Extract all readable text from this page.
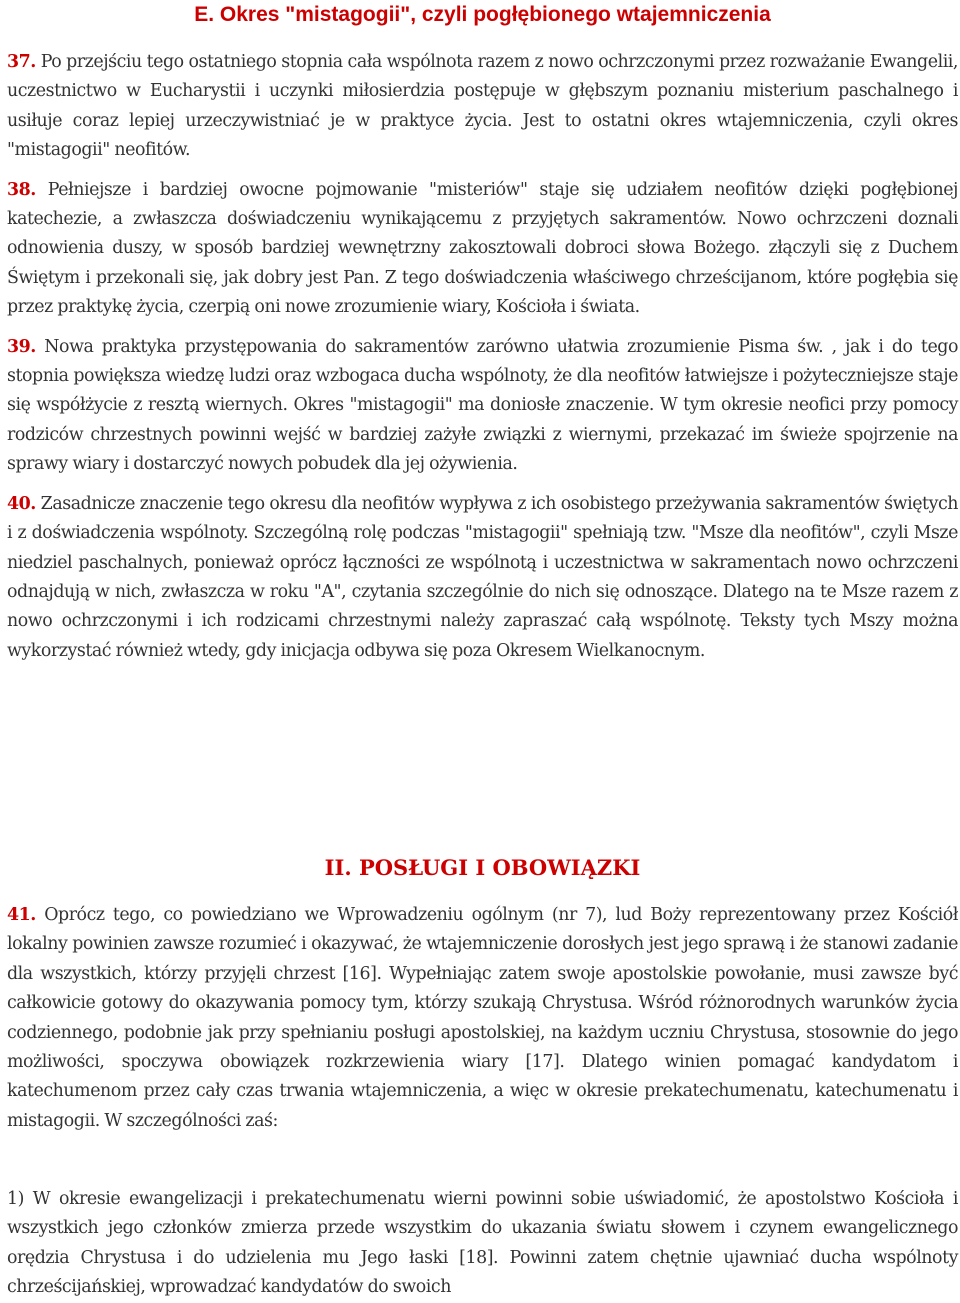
E. Okres "mistagogii", czyli pogłębionego wtajemniczenia

37. Po przejściu tego ostatniego stopnia cała wspólnota razem z nowo ochrzczonymi przez rozważanie Ewangelii, uczestnictwo w Eucharystii i uczynki miłosierdzia postępuje w głębszym poznaniu misterium paschalnego i usiłuje coraz lepiej urzeczywistniać je w praktyce życia. Jest to ostatni okres wtajemniczenia, czyli okres "mistagogii" neofitów.

38. Pełniejsze i bardziej owocne pojmowanie "misteriów" staje się udziałem neofitów dzięki pogłębionej katechezie, a zwłaszcza doświadczeniu wynikającemu z przyjętych sakramentów. Nowo ochrzczeni doznali odnowienia duszy, w sposób bardziej wewnętrzny zakosztowali dobroci słowa Bożego. złączyli się z Duchem Świętym i przekonali się, jak dobry jest Pan. Z tego doświadczenia właściwego chrześcijanom, które pogłębia się przez praktykę życia, czerpią oni nowe zrozumienie wiary, Kościoła i świata.

39. Nowa praktyka przystępowania do sakramentów zarówno ułatwia zrozumienie Pisma św. , jak i do tego stopnia powiększa wiedzę ludzi oraz wzbogaca ducha wspólnoty, że dla neofitów łatwiejsze i pożyteczniejsze staje się współżycie z resztą wiernych. Okres "mistagogii" ma doniosłe znaczenie. W tym okresie neofici przy pomocy rodziców chrzestnych powinni wejść w bardziej zażyłe związki z wiernymi, przekazać im świeże spojrzenie na sprawy wiary i dostarczyć nowych pobudek dla jej ożywienia.

40. Zasadnicze znaczenie tego okresu dla neofitów wypływa z ich osobistego przeżywania sakramentów świętych i z doświadczenia wspólnoty. Szczególną rolę podczas "mistagogii" spełniają tzw. "Msze dla neofitów", czyli Msze niedziel paschalnych, ponieważ oprócz łączności ze wspólnotą i uczestnictwa w sakramentach nowo ochrzczeni odnajdują w nich, zwłaszcza w roku "A", czytania szczególnie do nich się odnoszące. Dlatego na te Msze razem z nowo ochrzczonymi i ich rodzicami chrzestnymi należy zapraszać całą wspólnotę. Teksty tych Mszy można wykorzystać również wtedy, gdy inicjacja odbywa się poza Okresem Wielkanocnym.

II. POSŁUGI I OBOWIĄZKI

41. Oprócz tego, co powiedziano we Wprowadzeniu ogólnym (nr 7), lud Boży reprezentowany przez Kościół lokalny powinien zawsze rozumieć i okazywać, że wtajemniczenie dorosłych jest jego sprawą i że stanowi zadanie dla wszystkich, którzy przyjęli chrzest [16]. Wypełniając zatem swoje apostolskie powołanie, musi zawsze być całkowicie gotowy do okazywania pomocy tym, którzy szukają Chrystusa. Wśród różnorodnych warunków życia codziennego, podobnie jak przy spełnianiu posługi apostolskiej, na każdym uczniu Chrystusa, stosownie do jego możliwości, spoczywa obowiązek rozkrzewienia wiary [17]. Dlatego winien pomagać kandydatom i katechumenom przez cały czas trwania wtajemniczenia, a więc w okresie prekatechumenatu, katechumenatu i mistagogii. W szczególności zaś:

1) W okresie ewangelizacji i prekatechumenatu wierni powinni sobie uświadomić, że apostolstwo Kościoła i wszystkich jego członków zmierza przede wszystkim do ukazania światu słowem i czynem ewangelicznego orędzia Chrystusa i do udzielenia mu Jego łaski [18]. Powinni zatem chętnie ujawniać ducha wspólnoty chrześcijańskiej, wprowadzać kandydatów do swoich
